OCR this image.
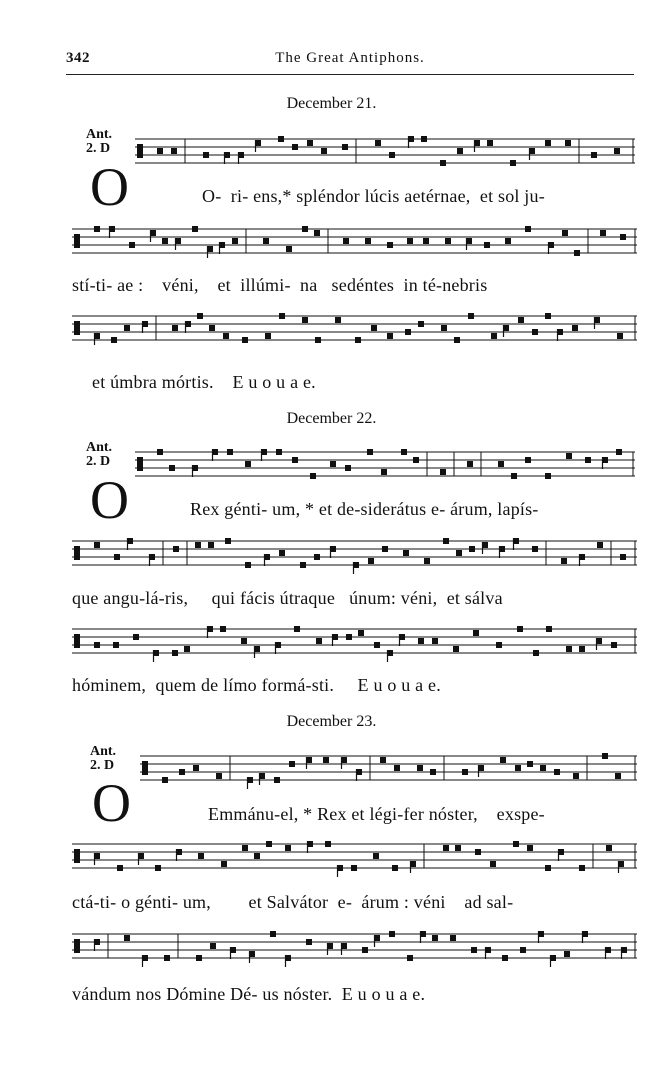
342	The Great Antiphons.
December 21.
Ant.
2. D
O	O-  ri- ens,* spléndor lúcis aetérnae,  et sol ju-
stí-ti- ae :    véni,    et  illúmi-  na   sedéntes  in té-nebris
et úmbra mórtis.    E u o u a e.
December 22.
Ant.
2. D
O	Rex génti- um, * et de-siderátus e- árum, lapís-
que angu-lá-ris,     qui fácis útraque   únum: véni,  et sálva
hóminem,  quem de límo formá-sti.     E u o u a e.
December 23.
Ant.
2. D
O	Emmánu-el, * Rex et légi-fer nóster,    exspe-
ctá-ti- o génti- um,        et Salvátor  e-  árum : véni    ad sal-
vándum nos Dómine Dé- us nóster.  E u o u a e.
